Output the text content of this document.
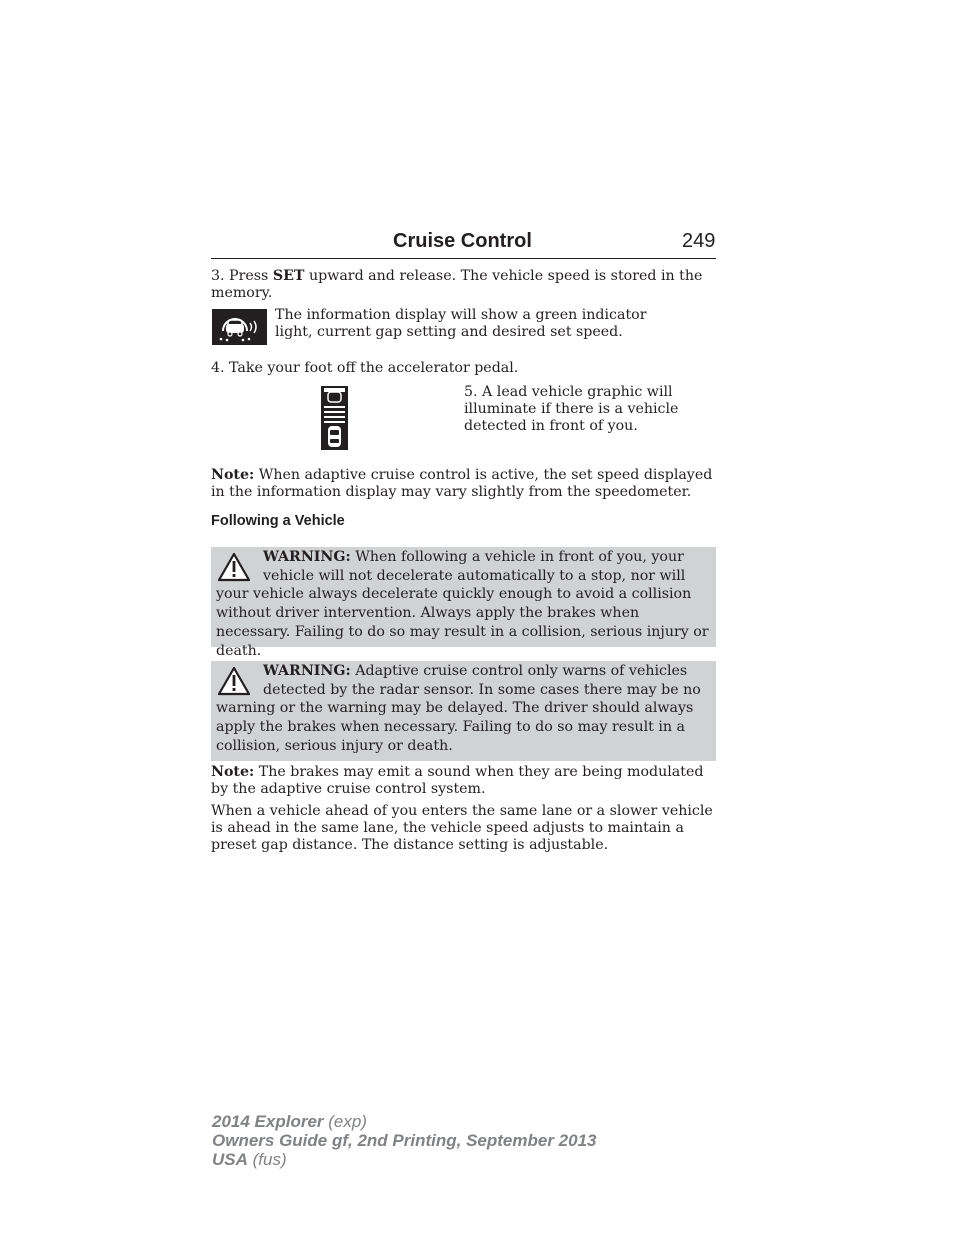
Cruise Control	249
3. Press SET upward and release. The vehicle speed is stored in the memory.
The information display will show a green indicator light, current gap setting and desired set speed.
4. Take your foot off the accelerator pedal.
5. A lead vehicle graphic will illuminate if there is a vehicle detected in front of you.
Note: When adaptive cruise control is active, the set speed displayed in the information display may vary slightly from the speedometer.
Following a Vehicle
WARNING: When following a vehicle in front of you, your vehicle will not decelerate automatically to a stop, nor will your vehicle always decelerate quickly enough to avoid a collision without driver intervention. Always apply the brakes when necessary. Failing to do so may result in a collision, serious injury or death.
WARNING: Adaptive cruise control only warns of vehicles detected by the radar sensor. In some cases there may be no warning or the warning may be delayed. The driver should always apply the brakes when necessary. Failing to do so may result in a collision, serious injury or death.
Note: The brakes may emit a sound when they are being modulated by the adaptive cruise control system.
When a vehicle ahead of you enters the same lane or a slower vehicle is ahead in the same lane, the vehicle speed adjusts to maintain a preset gap distance. The distance setting is adjustable.
2014 Explorer (exp)
Owners Guide gf, 2nd Printing, September 2013
USA (fus)
